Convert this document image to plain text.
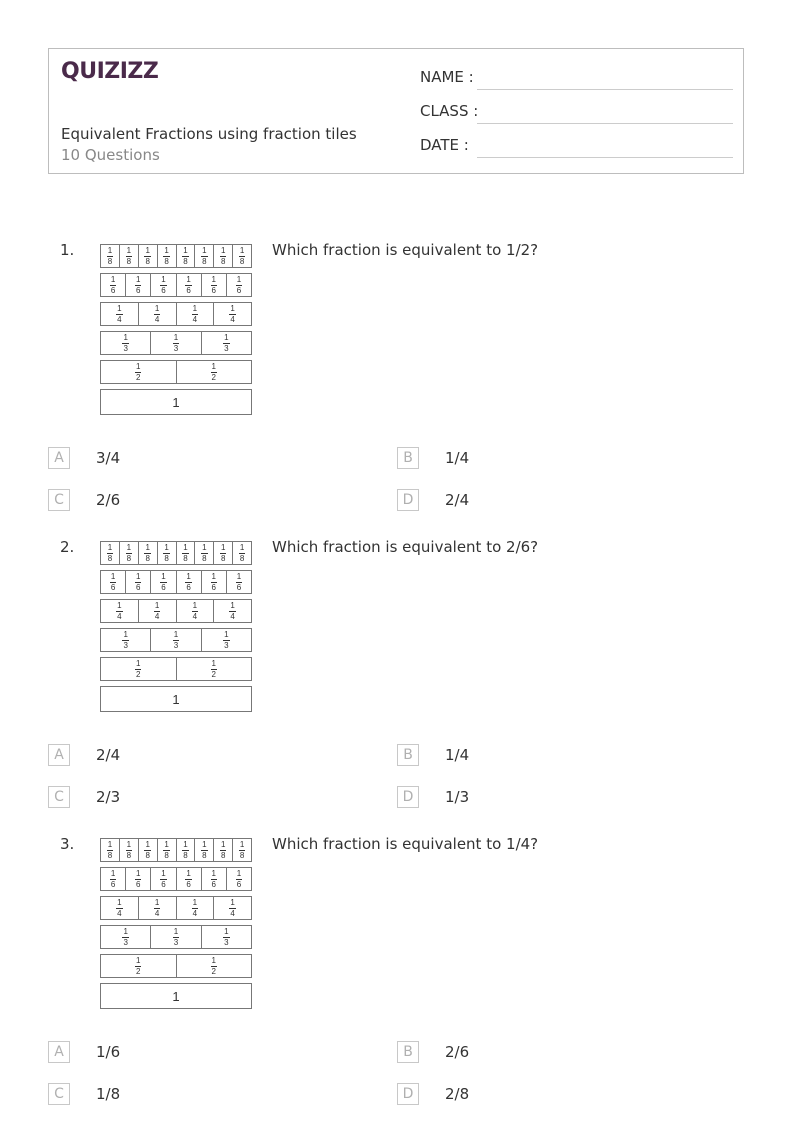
QUIZIZZ
Equivalent Fractions using fraction tiles
10 Questions
NAME :
CLASS :
DATE :
1.	Which fraction is equivalent to 1/2?
$\frac{1}{8} \frac{1}{8} \frac{1}{8} \frac{1}{8} \frac{1}{8} \frac{1}{8} \frac{1}{8} \frac{1}{8}$
$\frac{1}{6} \frac{1}{6} \frac{1}{6} \frac{1}{6} \frac{1}{6} \frac{1}{6}$
$\frac{1}{4}$	$\frac{1}{4}$	$\frac{1}{4}$	$\frac{1}{4}$
$\frac{1}{3}$	$\frac{1}{3}$	$\frac{1}{3}$
$\frac{1}{2}$	$\frac{1}{2}$
1
A	3/4	B	1/4
C	2/6	D	2/4
2.	Which fraction is equivalent to 2/6?
$\frac{1}{8} \frac{1}{8} \frac{1}{8} \frac{1}{8} \frac{1}{8} \frac{1}{8} \frac{1}{8} \frac{1}{8}$
$\frac{1}{6} \frac{1}{6} \frac{1}{6} \frac{1}{6} \frac{1}{6} \frac{1}{6}$
$\frac{1}{4}$	$\frac{1}{4}$	$\frac{1}{4}$	$\frac{1}{4}$
$\frac{1}{3}$	$\frac{1}{3}$	$\frac{1}{3}$
$\frac{1}{2}$	$\frac{1}{2}$
1
A	2/4	B	1/4
C	2/3	D	1/3
3.	Which fraction is equivalent to 1/4?
$\frac{1}{8} \frac{1}{8} \frac{1}{8} \frac{1}{8} \frac{1}{8} \frac{1}{8} \frac{1}{8} \frac{1}{8}$
$\frac{1}{6} \frac{1}{6} \frac{1}{6} \frac{1}{6} \frac{1}{6} \frac{1}{6}$
$\frac{1}{4}$	$\frac{1}{4}$	$\frac{1}{4}$	$\frac{1}{4}$
$\frac{1}{3}$	$\frac{1}{3}$	$\frac{1}{3}$
$\frac{1}{2}$	$\frac{1}{2}$
1
A	1/6	B	2/6
C	1/8	D	2/8
